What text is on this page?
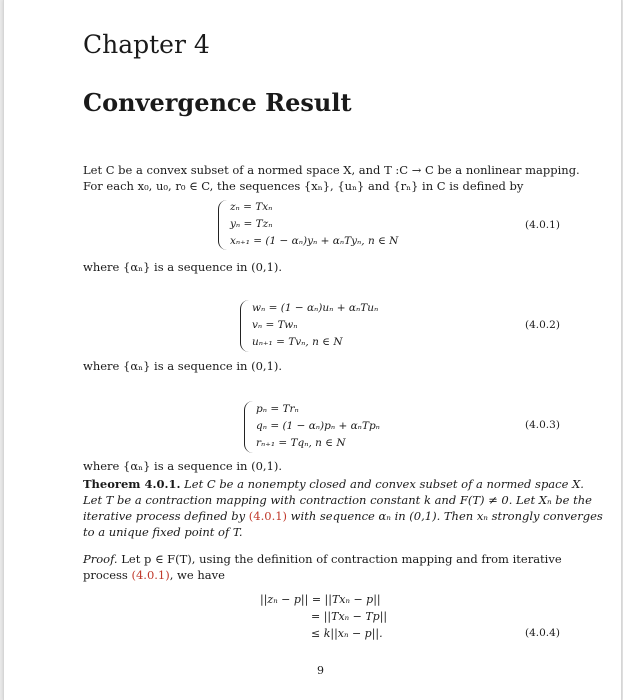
Chapter 4
Convergence Result
Let C be a convex subset of a normed space X, and T :C → C be a nonlinear mapping.
For each x₀, u₀, r₀ ∈ C, the sequences {xₙ}, {uₙ} and {rₙ} in C is defined by
zₙ = Txₙ
yₙ = Tzₙ
xₙ₊₁ = (1 − αₙ)yₙ + αₙTyₙ, n ∈ N
(4.0.1)
where {αₙ} is a sequence in (0,1).
wₙ = (1 − αₙ)uₙ + αₙTuₙ
vₙ = Twₙ
uₙ₊₁ = Tvₙ, n ∈ N
(4.0.2)
where {αₙ} is a sequence in (0,1).
pₙ = Trₙ
qₙ = (1 − αₙ)pₙ + αₙTpₙ
rₙ₊₁ = Tqₙ, n ∈ N
(4.0.3)
where {αₙ} is a sequence in (0,1).
Theorem 4.0.1. Let C be a nonempty closed and convex subset of a normed space X.
Let T be a contraction mapping with contraction constant k and F(T) ≠ 0. Let Xₙ be the
iterative process defined by (4.0.1) with sequence αₙ in (0,1). Then xₙ strongly converges
to a unique fixed point of T.
Proof. Let p ∈ F(T), using the definition of contraction mapping and from iterative
process (4.0.1), we have
||zₙ − p|| = ||Txₙ − p||
= ||Txₙ − Tp||
≤ k||xₙ − p||.	(4.0.4)
9
